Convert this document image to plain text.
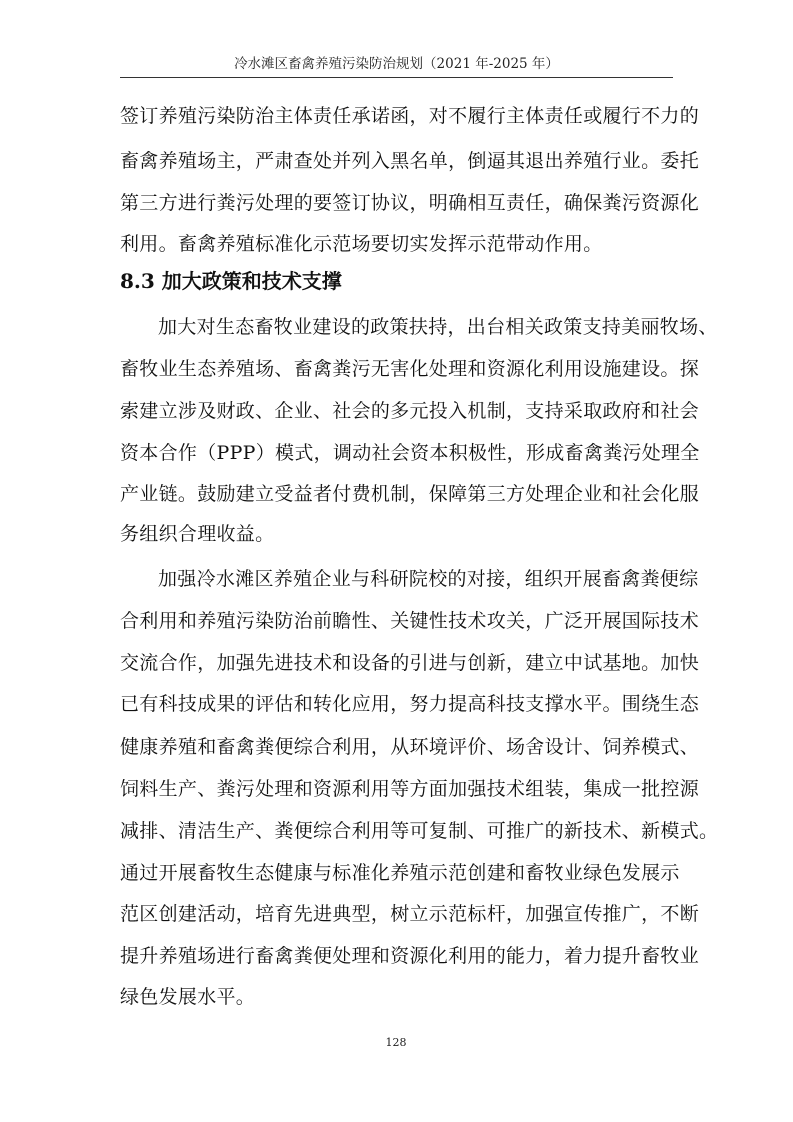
冷水滩区畜禽养殖污染防治规划（2021 年-2025 年）
签订养殖污染防治主体责任承诺函，对不履行主体责任或履行不力的
畜禽养殖场主，严肃查处并列入黑名单，倒逼其退出养殖行业。委托
第三方进行粪污处理的要签订协议，明确相互责任，确保粪污资源化
利用。畜禽养殖标准化示范场要切实发挥示范带动作用。
8.3 加大政策和技术支撑
加大对生态畜牧业建设的政策扶持，出台相关政策支持美丽牧场、
畜牧业生态养殖场、畜禽粪污无害化处理和资源化利用设施建设。探
索建立涉及财政、企业、社会的多元投入机制，支持采取政府和社会
资本合作（PPP）模式，调动社会资本积极性，形成畜禽粪污处理全
产业链。鼓励建立受益者付费机制，保障第三方处理企业和社会化服
务组织合理收益。
加强冷水滩区养殖企业与科研院校的对接，组织开展畜禽粪便综
合利用和养殖污染防治前瞻性、关键性技术攻关，广泛开展国际技术
交流合作，加强先进技术和设备的引进与创新，建立中试基地。加快
已有科技成果的评估和转化应用，努力提高科技支撑水平。围绕生态
健康养殖和畜禽粪便综合利用，从环境评价、场舍设计、饲养模式、
饲料生产、粪污处理和资源利用等方面加强技术组装，集成一批控源
减排、清洁生产、粪便综合利用等可复制、可推广的新技术、新模式。
通过开展畜牧生态健康与标准化养殖示范创建和畜牧业绿色发展示
范区创建活动，培育先进典型，树立示范标杆，加强宣传推广，不断
提升养殖场进行畜禽粪便处理和资源化利用的能力，着力提升畜牧业
绿色发展水平。
128
